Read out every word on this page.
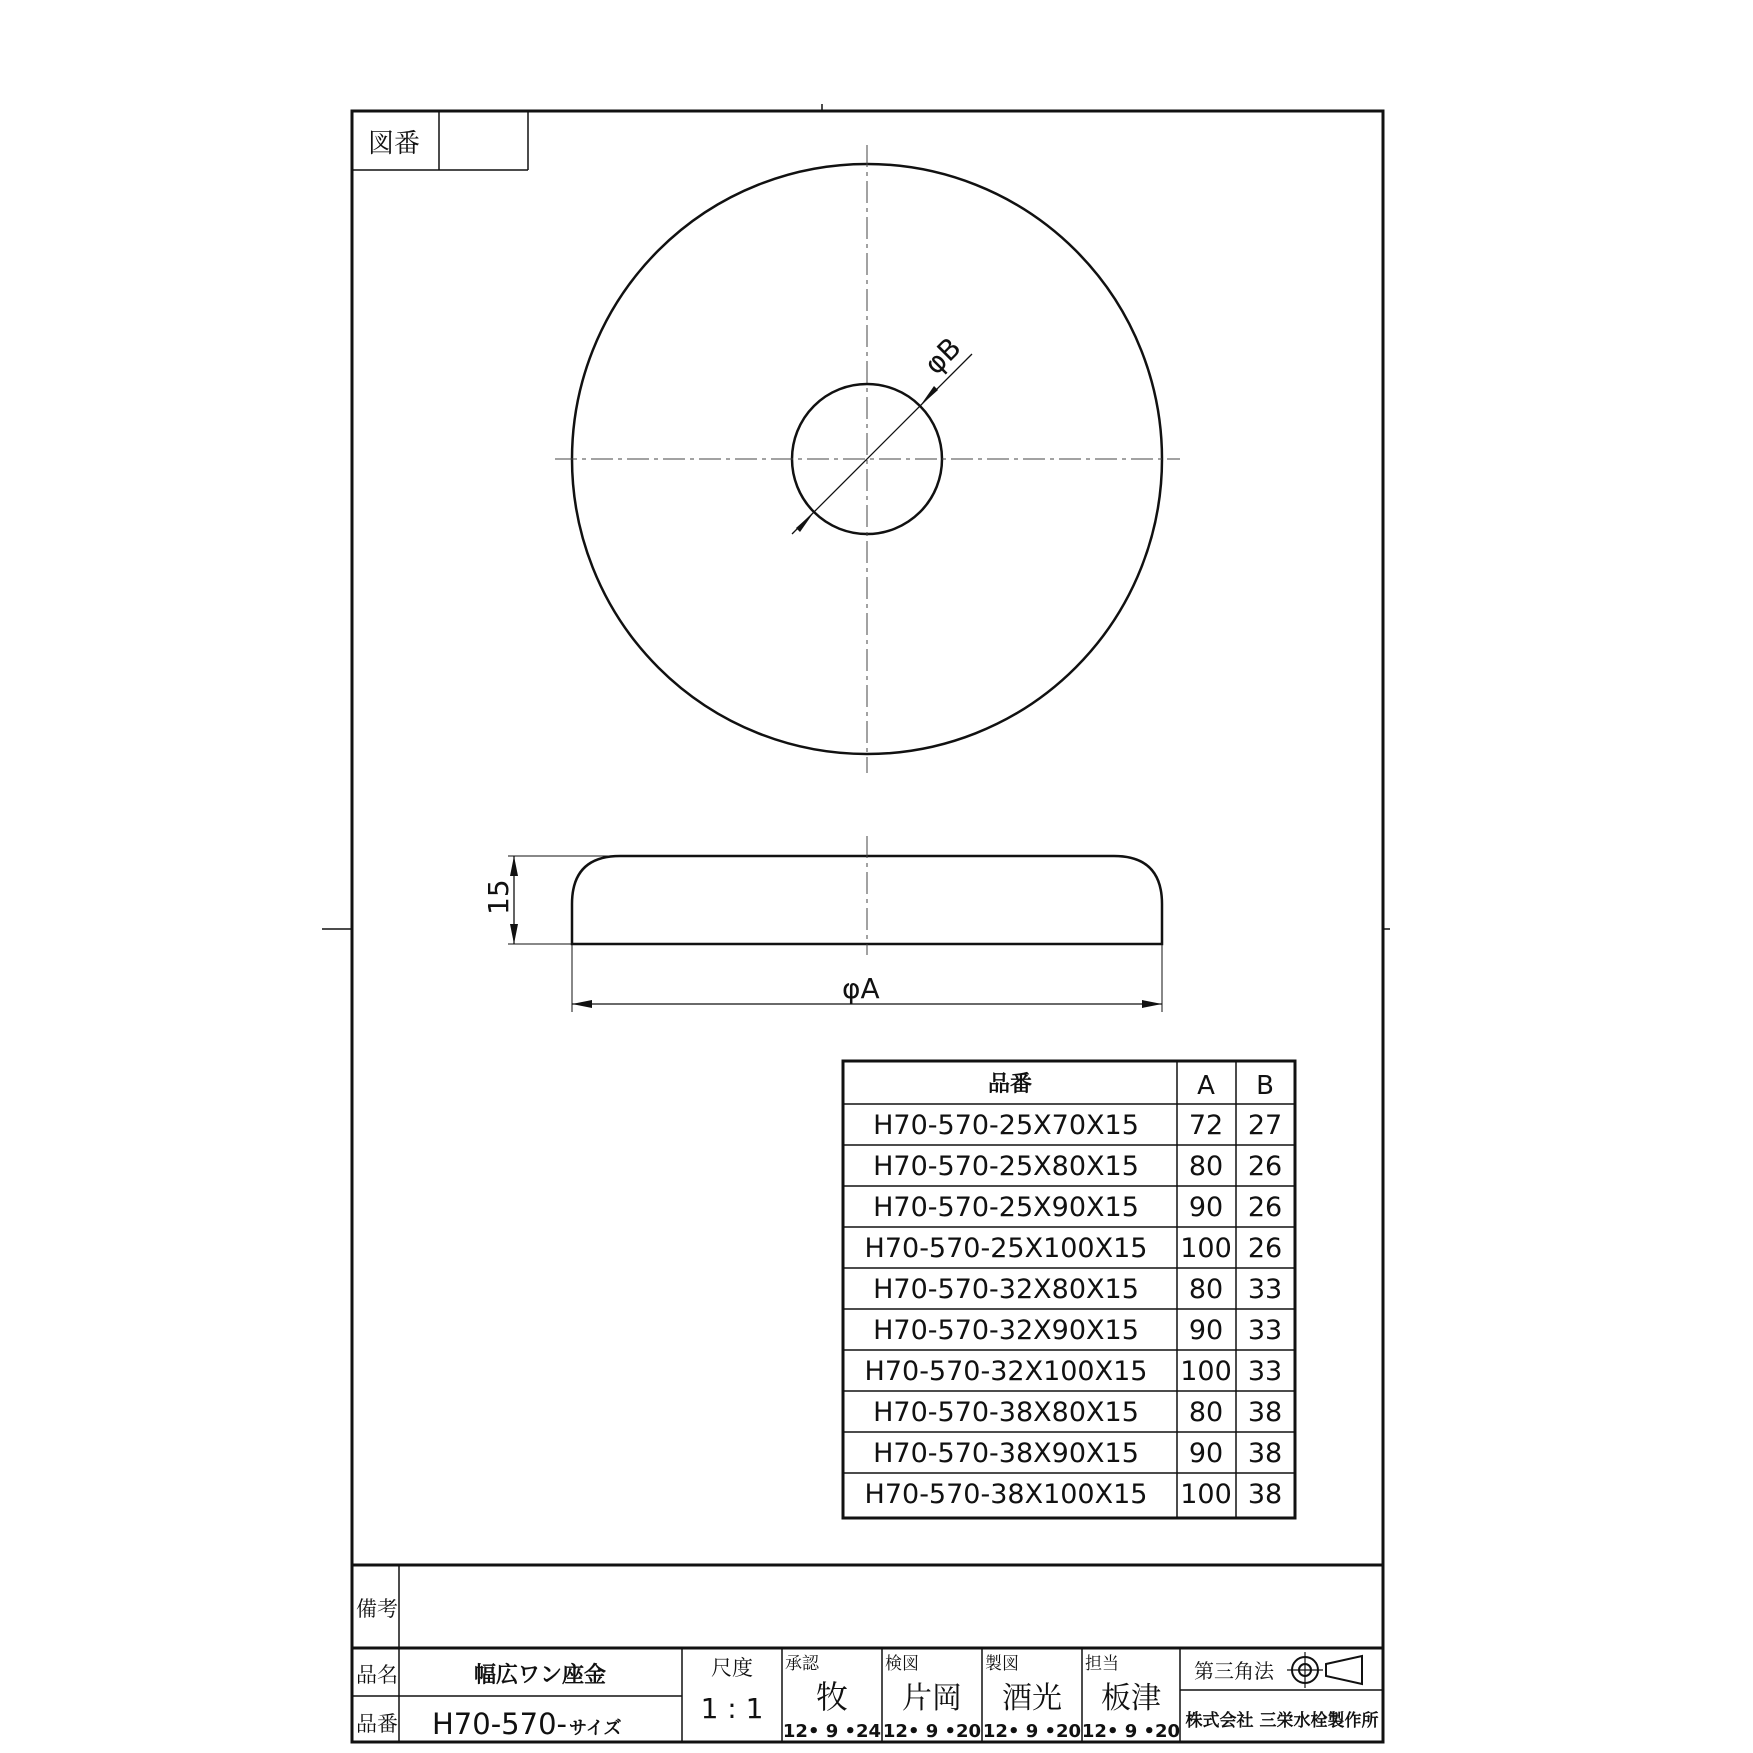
図番
φB
15
φA
品番	A B
H70-570-25X70X15 72 27
H70-570-25X80X15 80 26
H70-570-25X90X15 90 26
H70-570-25X100X15 100 26
H70-570-32X80X15 80 33
H70-570-32X90X15 90 33
H70-570-32X100X15 100 33
H70-570-38X80X15 80 38
H70-570-38X90X15 90 38
H70-570-38X100X15 100 38
備考
品名	幅広ワン座金
品番 H70-570- サイズ
尺度
1 : 1
承認
牧
12• 9 •24
検図
片岡
12• 9 •20
製図
酒光
12• 9 •20
担当
板津
12• 9 •20
第三角法
株式会社 三栄水栓製作所
